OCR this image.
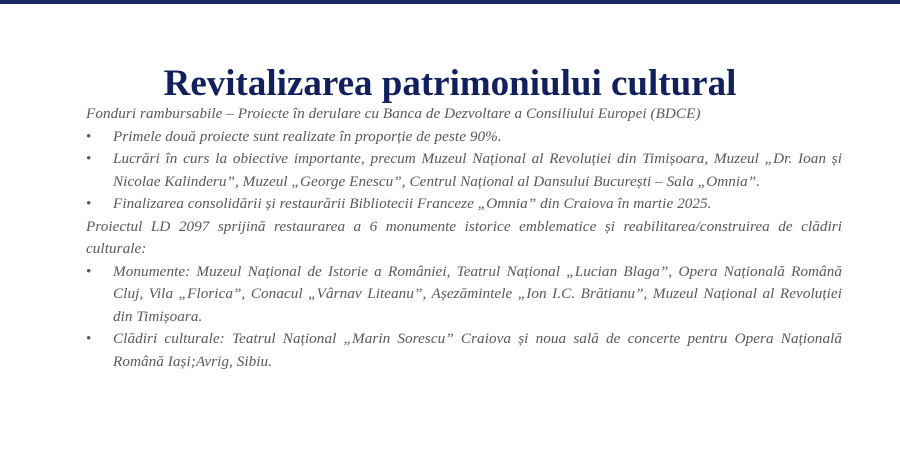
Revitalizarea patrimoniului cultural

Fonduri rambursabile – Proiecte în derulare cu Banca de Dezvoltare a Consiliului Europei (BDCE)

• Primele două proiecte sunt realizate în proporție de peste 90%.
• Lucrări în curs la obiective importante, precum Muzeul Național al Revoluției din Timișoara, Muzeul „Dr. Ioan și Nicolae Kalinderu”, Muzeul „George Enescu”, Centrul Național al Dansului București – Sala „Omnia”.
• Finalizarea consolidării și restaurării Bibliotecii Franceze „Omnia” din Craiova în martie 2025.

Proiectul LD 2097 sprijină restaurarea a 6 monumente istorice emblematice și reabilitarea/construirea de clădiri culturale:

• Monumente: Muzeul Național de Istorie a României, Teatrul Național „Lucian Blaga”, Opera Națională Română Cluj, Vila „Florica”, Conacul „Vârnav Liteanu”, Așezămintele „Ion I.C. Brătianu”, Muzeul Național al Revoluției din Timișoara.
• Clădiri culturale: Teatrul Național „Marin Sorescu” Craiova și noua sală de concerte pentru Opera Națională Română Iași;Avrig, Sibiu.
